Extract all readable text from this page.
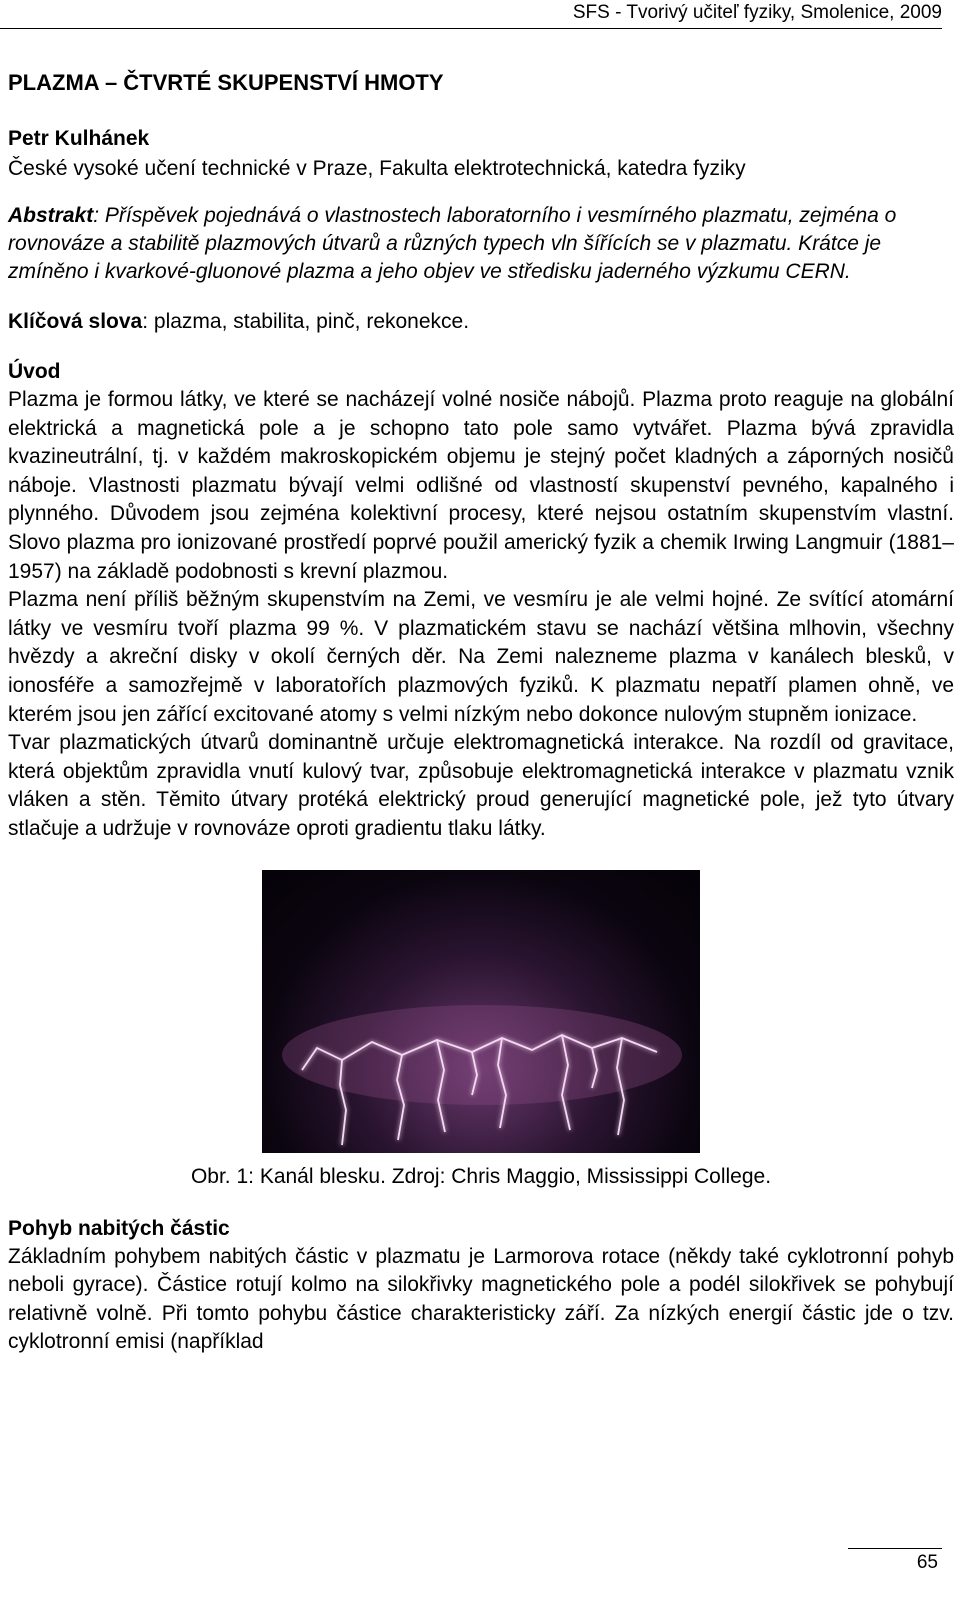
SFS - Tvorivý učiteľ fyziky, Smolenice, 2009
PLAZMA – ČTVRTÉ SKUPENSTVÍ HMOTY
Petr Kulhánek
České vysoké učení technické v Praze, Fakulta elektrotechnická, katedra fyziky
Abstrakt: Příspěvek pojednává o vlastnostech laboratorního i vesmírného plazmatu, zejména o rovnováze a stabilitě plazmových útvarů a různých typech vln šířících se v plazmatu. Krátce je zmíněno i kvarkové-gluonové plazma a jeho objev ve středisku jaderného výzkumu CERN.
Klíčová slova: plazma, stabilita, pinč, rekonekce.
Úvod

Plazma je formou látky, ve které se nacházejí volné nosiče nábojů. Plazma proto reaguje na globální elektrická a magnetická pole a je schopno tato pole samo vytvářet. Plazma bývá zpravidla kvazineutrální, tj. v každém makroskopickém objemu je stejný počet kladných a záporných nosičů náboje. Vlastnosti plazmatu bývají velmi odlišné od vlastností skupenství pevného, kapalného i plynného. Důvodem jsou zejména kolektivní procesy, které nejsou ostatním skupenstvím vlastní. Slovo plazma pro ionizované prostředí poprvé použil americký fyzik a chemik Irwing Langmuir (1881–1957) na základě podobnosti s krevní plazmou.

Plazma není příliš běžným skupenstvím na Zemi, ve vesmíru je ale velmi hojné. Ze svítící atomární látky ve vesmíru tvoří plazma 99 %. V plazmatickém stavu se nachází většina mlhovin, všechny hvězdy a akreční disky v okolí černých děr. Na Zemi nalezneme plazma v kanálech blesků, v ionosféře a samozřejmě v laboratořích plazmových fyziků. K plazmatu nepatří plamen ohně, ve kterém jsou jen zářící excitované atomy s velmi nízkým nebo dokonce nulovým stupněm ionizace.

Tvar plazmatických útvarů dominantně určuje elektromagnetická interakce. Na rozdíl od gravitace, která objektům zpravidla vnutí kulový tvar, způsobuje elektromagnetická interakce v plazmatu vznik vláken a stěn. Těmito útvary protéká elektrický proud generující magnetické pole, jež tyto útvary stlačuje a udržuje v rovnováze oproti gradientu tlaku látky.

Obr. 1: Kanál blesku. Zdroj: Chris Maggio, Mississippi College.
Pohyb nabitých částic

Základním pohybem nabitých částic v plazmatu je Larmorova rotace (někdy také cyklotronní pohyb neboli gyrace). Částice rotují kolmo na silokřivky magnetického pole a podél silokřivek se pohybují relativně volně. Při tomto pohybu částice charakteristicky září. Za nízkých energií částic jde o tzv. cyklotronní emisi (například

65
